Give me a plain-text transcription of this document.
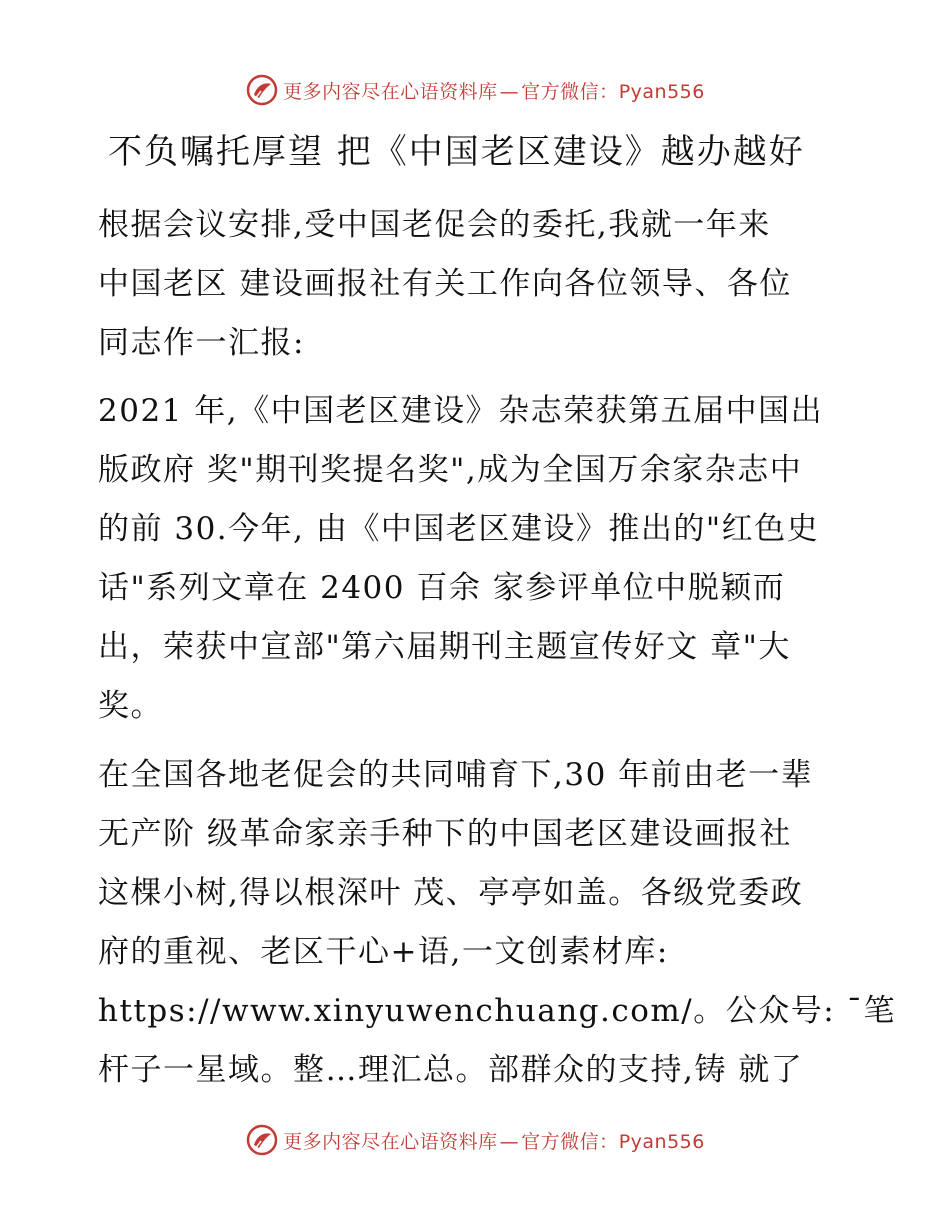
更多内容尽在心语资料库 — 官方微信：Pyan556
不负嘱托厚望 把《中国老区建设》越办越好
根据会议安排,受中国老促会的委托,我就一年来
中国老区 建设画报社有关工作向各位领导、各位
同志作一汇报:
2021 年,《中国老区建设》杂志荣获第五届中国出
版政府 奖"期刊奖提名奖",成为全国万余家杂志中
的前 30.今年, 由《中国老区建设》推出的"红色史
话"系列文章在 2400 百余 家参评单位中脱颖而
出，荣获中宣部"第六届期刊主题宣传好文 章"大
奖。
在全国各地老促会的共同哺育下,30 年前由老一辈
无产阶 级革命家亲手种下的中国老区建设画报社
这棵小树,得以根深叶 茂、亭亭如盖。各级党委政
府的重视、老区干心+语,一文创素材库:
https://www.xinyuwenchuang.com/。公众号: ¯笔
杆子一星域。整…理汇总。部群众的支持,铸 就了
更多内容尽在心语资料库 — 官方微信：Pyan556
